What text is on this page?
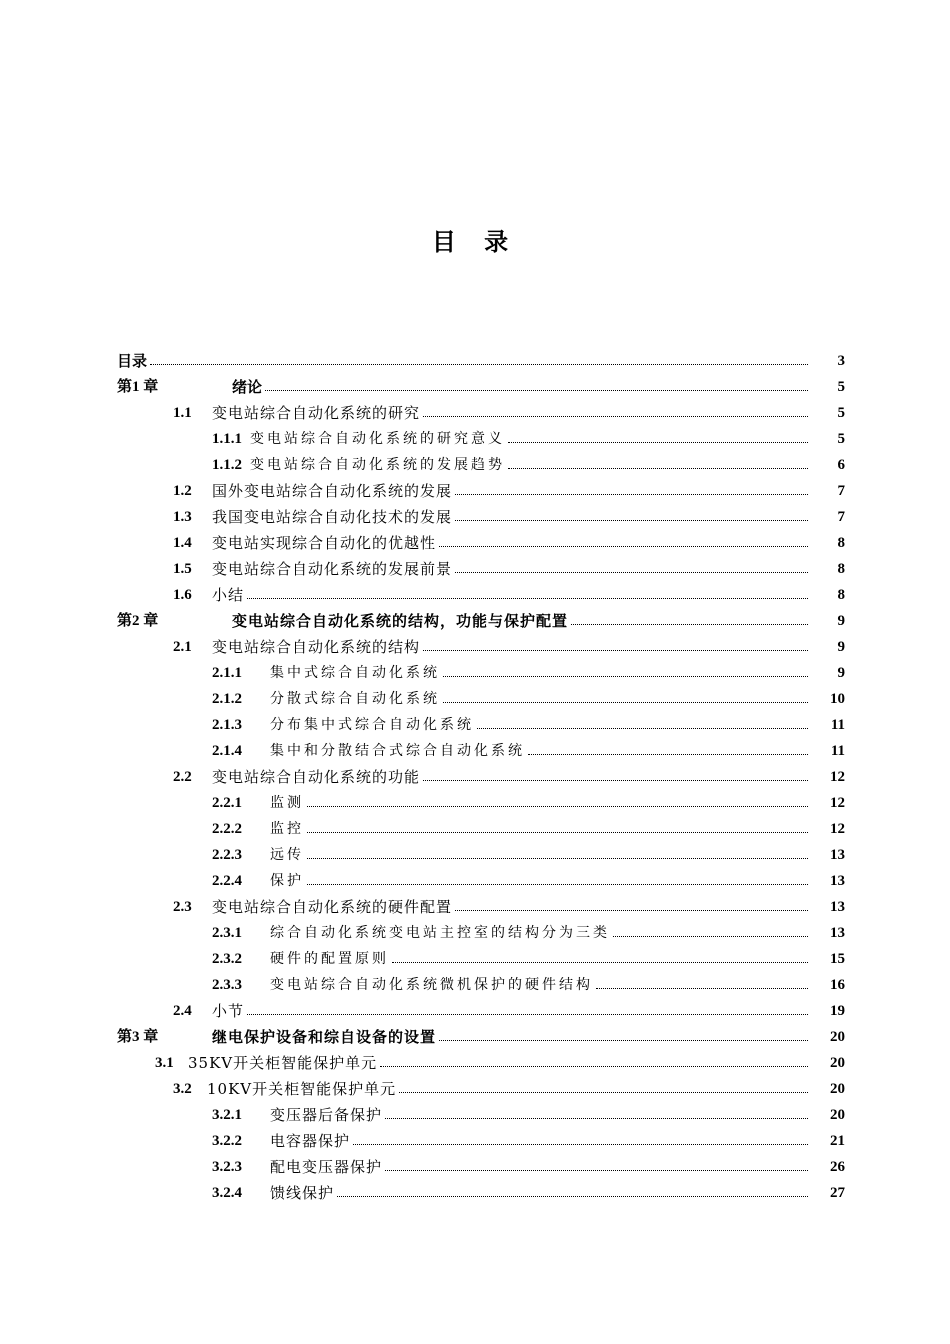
目 录
目录	3
第1 章	绪论	5
1.1 变电站综合自动化系统的研究	5
1.1.1 变电站综合自动化系统的研究意义	5
1.1.2 变电站综合自动化系统的发展趋势	6
1.2 国外变电站综合自动化系统的发展	7
1.3 我国变电站综合自动化技术的发展	7
1.4 变电站实现综合自动化的优越性	8
1.5 变电站综合自动化系统的发展前景	8
1.6 小结	8
第2 章	变电站综合自动化系统的结构，功能与保护配置	9
2.1 变电站综合自动化系统的结构	9
2.1.1 集中式综合自动化系统	9
2.1.2 分散式综合自动化系统	10
2.1.3 分布集中式综合自动化系统	11
2.1.4 集中和分散结合式综合自动化系统	11
2.2 变电站综合自动化系统的功能	12
2.2.1 监测	12
2.2.2 监控	12
2.2.3 远传	13
2.2.4 保护	13
2.3 变电站综合自动化系统的硬件配置	13
2.3.1 综合自动化系统变电站主控室的结构分为三类	13
2.3.2 硬件的配置原则	15
2.3.3 变电站综合自动化系统微机保护的硬件结构	16
2.4 小节	19
第3 章	继电保护设备和综自设备的设置	20
3.1 35KV开关柜智能保护单元	20
3.2 10KV开关柜智能保护单元	20
3.2.1 变压器后备保护	20
3.2.2 电容器保护	21
3.2.3 配电变压器保护	26
3.2.4 馈线保护	27
